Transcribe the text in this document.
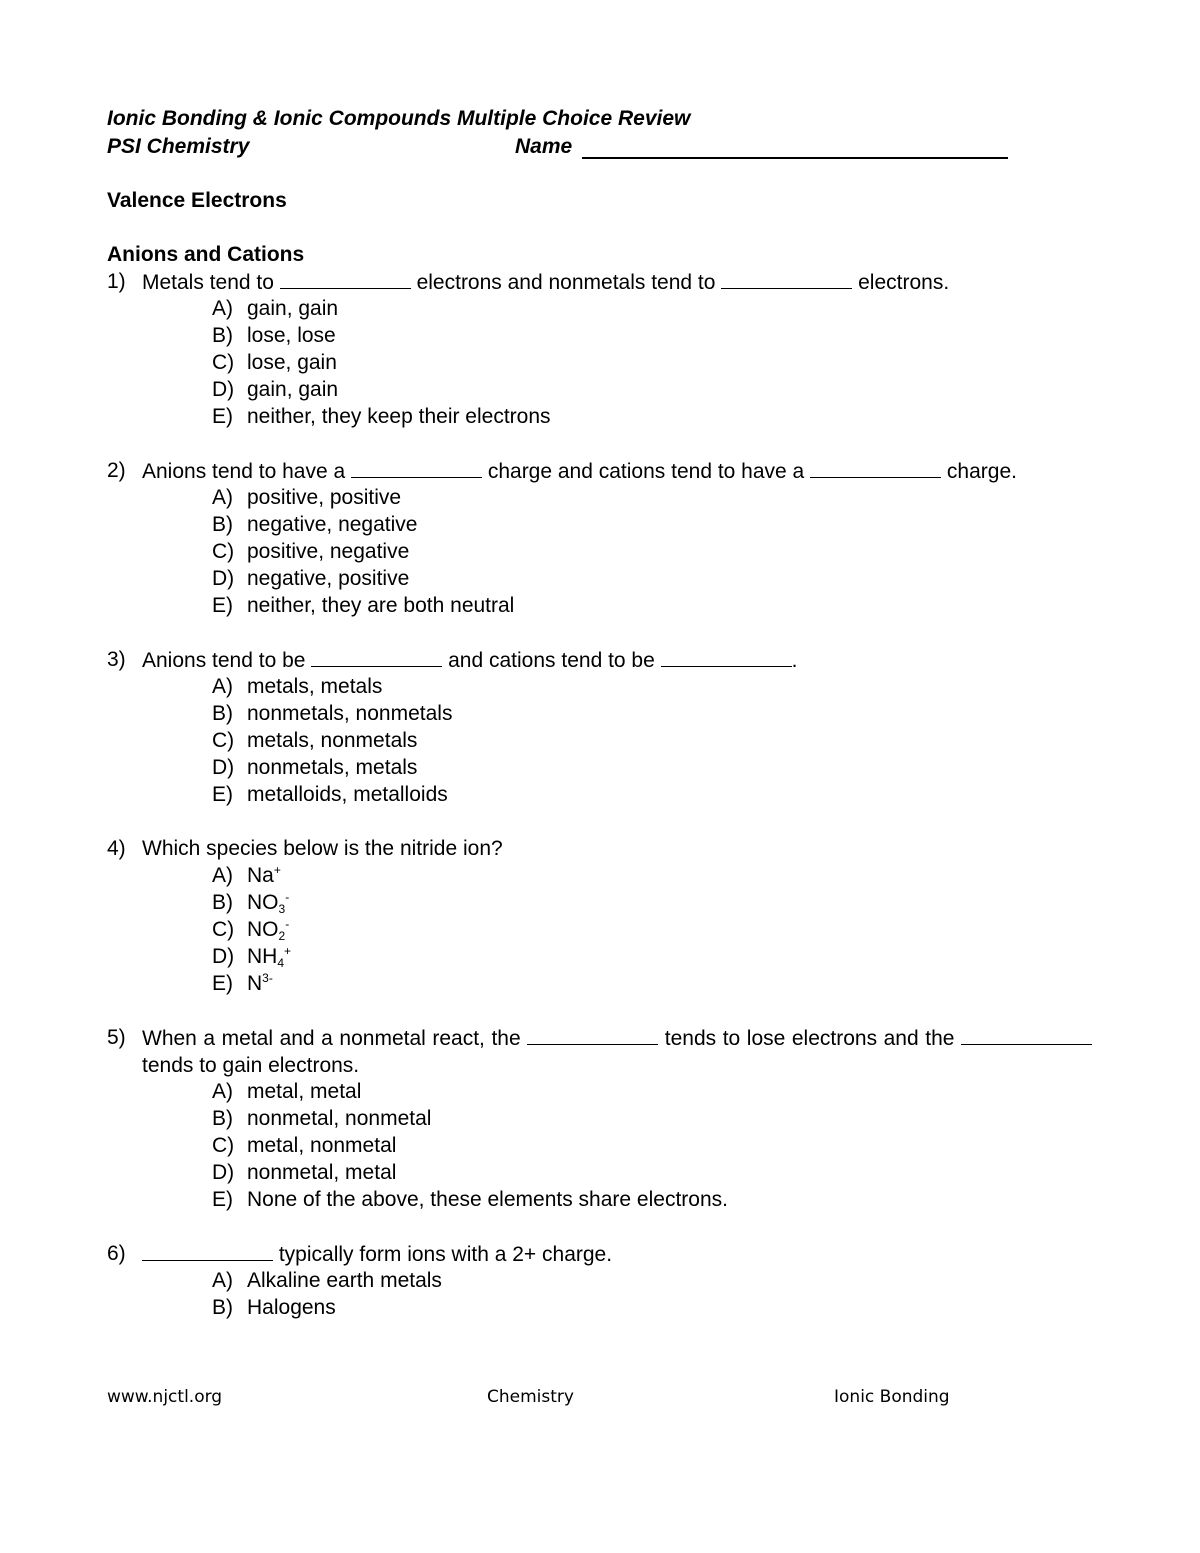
Ionic Bonding & Ionic Compounds Multiple Choice Review
PSI Chemistry	Name
Valence Electrons
Anions and Cations
1) Metals tend to	electrons and nonmetals tend to	electrons.
A) gain, gain
B) lose, lose
C) lose, gain
D) gain, gain
E) neither, they keep their electrons
2) Anions tend to have a	charge and cations tend to have a	charge.
A) positive, positive
B) negative, negative
C) positive, negative
D) negative, positive
E) neither, they are both neutral
3) Anions tend to be	and cations tend to be	.
A) metals, metals
B) nonmetals, nonmetals
C) metals, nonmetals
D) nonmetals, metals
E) metalloids, metalloids
4) Which species below is the nitride ion?
A) Na+
B) $NO_3^-$
C) $NO_2^-$
D) $NH_4^+$
E) $N^{3-}$
5) When a metal and a nonmetal react, the	tends to lose electrons and the  tends to gain electrons.
A) metal, metal
B) nonmetal, nonmetal
C) metal, nonmetal
D) nonmetal, metal
E) None of the above, these elements share electrons.
6)	typically form ions with a 2+ charge.
A) Alkaline earth metals
B) Halogens
www.njctl.org	Chemistry	Ionic Bonding
